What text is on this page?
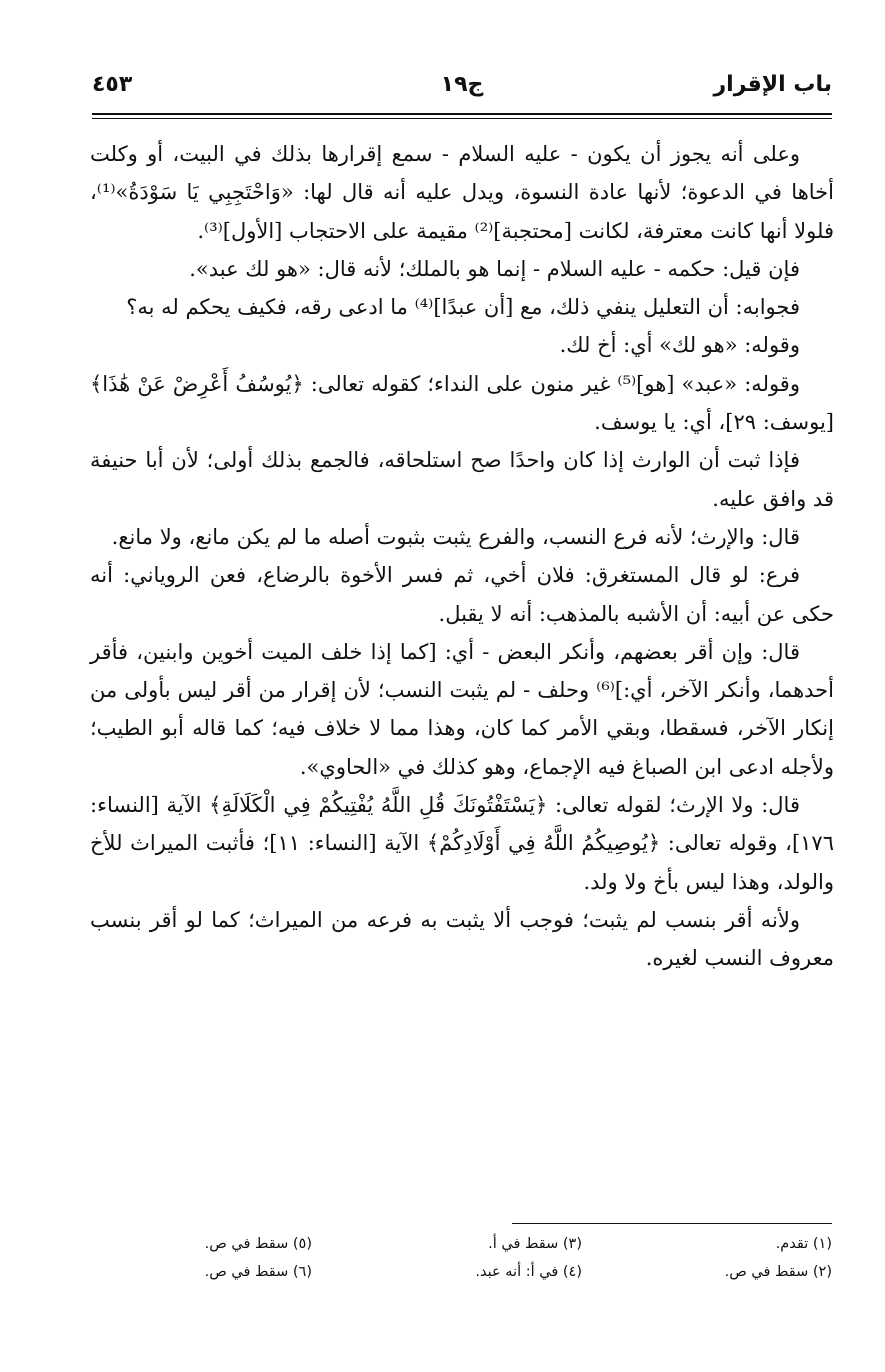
باب الإقرار
ج١٩
٤٥٣

وعلى أنه يجوز أن يكون - عليه السلام - سمع إقرارها بذلك في البيت، أو وكلت أخاها في الدعوة؛ لأنها عادة النسوة، ويدل عليه أنه قال لها: «وَاحْتَجِبِي يَا سَوْدَةُ»⁽¹⁾، فلولا أنها كانت معترفة، لكانت [محتجبة]⁽²⁾ مقيمة على الاحتجاب [الأول]⁽³⁾.

فإن قيل: حكمه - عليه السلام - إنما هو بالملك؛ لأنه قال: «هو لك عبد».

فجوابه: أن التعليل ينفي ذلك، مع [أن عبدًا]⁽⁴⁾ ما ادعى رقه، فكيف يحكم له به؟

وقوله: «هو لك» أي: أخ لك.

وقوله: «عبد» [هو]⁽⁵⁾ غير منون على النداء؛ كقوله تعالى: ﴿يُوسُفُ أَعْرِضْ عَنْ هَٰذَا﴾ [يوسف: ٢٩]، أي: يا يوسف.

فإذا ثبت أن الوارث إذا كان واحدًا صح استلحاقه، فالجمع بذلك أولى؛ لأن أبا حنيفة قد وافق عليه.

قال: والإرث؛ لأنه فرع النسب، والفرع يثبت بثبوت أصله ما لم يكن مانع، ولا مانع.

فرع: لو قال المستغرق: فلان أخي، ثم فسر الأخوة بالرضاع، فعن الروياني: أنه حكى عن أبيه: أن الأشبه بالمذهب: أنه لا يقبل.

قال: وإن أقر بعضهم، وأنكر البعض - أي: [كما إذا خلف الميت أخوين وابنين، فأقر أحدهما، وأنكر الآخر، أي:]⁽⁶⁾ وحلف - لم يثبت النسب؛ لأن إقرار من أقر ليس بأولى من إنكار الآخر، فسقطا، وبقي الأمر كما كان، وهذا مما لا خلاف فيه؛ كما قاله أبو الطيب؛ ولأجله ادعى ابن الصباغ فيه الإجماع، وهو كذلك في «الحاوي».

قال: ولا الإرث؛ لقوله تعالى: ﴿يَسْتَفْتُونَكَ قُلِ اللَّهُ يُفْتِيكُمْ فِي الْكَلَالَةِ﴾ الآية [النساء: ١٧٦]، وقوله تعالى: ﴿يُوصِيكُمُ اللَّهُ فِي أَوْلَادِكُمْ﴾ الآية [النساء: ١١]؛ فأثبت الميراث للأخ والولد، وهذا ليس بأخ ولا ولد.

ولأنه أقر بنسب لم يثبت؛ فوجب ألا يثبت به فرعه من الميراث؛ كما لو أقر بنسب معروف النسب لغيره.

(١) تقدم.
(٢) سقط في ص.
(٣) سقط في أ.
(٤) في أ: أنه عبد.
(٥) سقط في ص.
(٦) سقط في ص.
